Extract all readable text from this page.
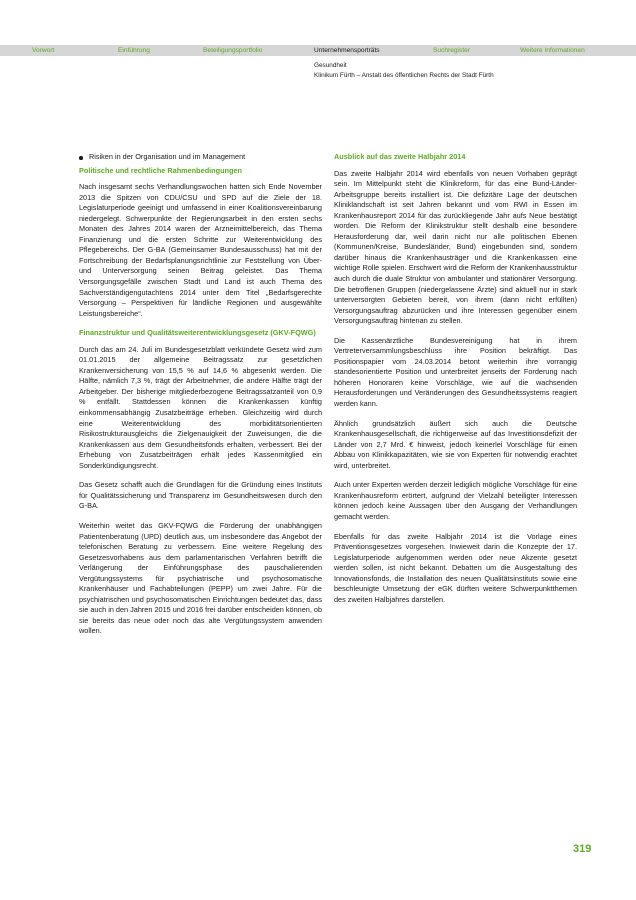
Vorwort	Einführung	Beteiligungsportfolio	Unternehmensporträts	Suchregister	Weitere Informationen
Gesundheit
Klinikum Fürth – Anstalt des öffentlichen Rechts der Stadt Fürth
Risiken in der Organisation und im Management
Politische und rechtliche Rahmenbedingungen

Nach insgesamt sechs Verhandlungswochen hatten sich Ende November 2013 die Spitzen von CDU/CSU und SPD auf die Ziele der 18. Legislaturperiode geeinigt und umfassend in einer Koalitionsvereinbarung niedergelegt. Schwerpunkte der Regierungsarbeit in den ersten sechs Monaten des Jahres 2014 waren der Arzneimittelbereich, das Thema Finanzierung und die ersten Schritte zur Weiterentwicklung des Pflegebereichs. Der G-BA (Gemeinsamer Bundesausschuss) hat mit der Fortschreibung der Bedarfsplanungsrichtlinie zur Feststellung von Über- und Unterversorgung seinen Beitrag geleistet. Das Thema Versorgungsgefälle zwischen Stadt und Land ist auch Thema des Sachverständigengutachtens 2014 unter dem Titel „Bedarfsgerechte Versorgung – Perspektiven für ländliche Regionen und ausgewählte Leistungsbereiche“.

Finanzstruktur und Qualitätsweiterentwicklungsgesetz (GKV-FQWG)

Durch das am 24. Juli im Bundesgesetzblatt verkündete Gesetz wird zum 01.01.2015 der allgemeine Beitragssatz zur gesetzlichen Krankenversicherung von 15,5 % auf 14,6 % abgesenkt werden. Die Hälfte, nämlich 7,3 %, trägt der Arbeitnehmer, die andere Hälfte trägt der Arbeitgeber. Der bisherige mitgliederbezogene Beitragssatzanteil von 0,9 % entfällt. Stattdessen können die Krankenkassen künftig einkommensabhängig Zusatzbeiträge erheben. Gleichzeitig wird durch eine Weiterentwicklung des morbiditätsorientierten Risikostrukturausgleichs die Zielgenauigkeit der Zuweisungen, die die Krankenkassen aus dem Gesundheitsfonds erhalten, verbessert. Bei der Erhebung von Zusatzbeiträgen erhält jedes Kassenmitglied ein Sonderkündigungsrecht.

Das Gesetz schafft auch die Grundlagen für die Gründung eines Instituts für Qualitätssicherung und Transparenz im Gesundheitswesen durch den G-BA.

Weiterhin weitet das GKV-FQWG die Förderung der unabhängigen Patientenberatung (UPD) deutlich aus, um insbesondere das Angebot der telefonischen Beratung zu verbessern. Eine weitere Regelung des Gesetzesvorhabens aus dem parlamentarischen Verfahren betrifft die Verlängerung der Einführungsphase des pauschalierenden Vergütungssystems für psychiatrische und psychosomatische Krankenhäuser und Fachabteilungen (PEPP) um zwei Jahre. Für die psychiatrischen und psychosomatischen Einrichtungen bedeutet das, dass sie auch in den Jahren 2015 und 2016 frei darüber entscheiden können, ob sie bereits das neue oder noch das alte Vergütungssystem anwenden wollen.

Ausblick auf das zweite Halbjahr 2014

Das zweite Halbjahr 2014 wird ebenfalls von neuen Vorhaben geprägt sein. Im Mittelpunkt steht die Klinikreform, für das eine Bund-Länder-Arbeitsgruppe bereits installiert ist. Die defizitäre Lage der deutschen Kliniklandschaft ist seit Jahren bekannt und vom RWI in Essen im Krankenhausreport 2014 für das zurückliegende Jahr aufs Neue bestätigt worden. Die Reform der Klinikstruktur stellt deshalb eine besondere Herausforderung dar, weil darin nicht nur alle politischen Ebenen (Kommunen/Kreise, Bundesländer, Bund) eingebunden sind, sondern darüber hinaus die Krankenhausträger und die Krankenkassen eine wichtige Rolle spielen. Erschwert wird die Reform der Krankenhausstruktur auch durch die duale Struktur von ambulanter und stationärer Versorgung. Die betroffenen Gruppen (niedergelassene Ärzte) sind aktuell nur in stark unterversorgten Gebieten bereit, von ihrem (dann nicht erfüllten) Versorgungsauftrag abzurücken und ihre Interessen gegenüber einem Versorgungsauftrag hintenan zu stellen.

Die Kassenärztliche Bundesvereinigung hat in ihrem Vertreterversammlungsbeschluss ihre Position bekräftigt. Das Positionspapier vom 24.03.2014 betont weiterhin ihre vorrangig standesorientierte Position und unterbreitet jenseits der Forderung nach höheren Honoraren keine Vorschläge, wie auf die wachsenden Herausforderungen und Veränderungen des Gesundheitssystems reagiert werden kann.

Ähnlich grundsätzlich äußert sich auch die Deutsche Krankenhausgesellschaft, die richtigerweise auf das Investitionsdefizit der Länder von 2,7 Mrd. € hinweist, jedoch keinerlei Vorschläge für einen Abbau von Klinikkapazitäten, wie sie von Experten für notwendig erachtet wird, unterbreitet.

Auch unter Experten werden derzeit lediglich mögliche Vorschläge für eine Krankenhausreform erörtert, aufgrund der Vielzahl beteiligter Interessen können jedoch keine Aussagen über den Ausgang der Verhandlungen gemacht werden.

Ebenfalls für das zweite Halbjahr 2014 ist die Vorlage eines Präventionsgesetzes vorgesehen. Inwieweit darin die Konzepte der 17. Legislaturperiode aufgenommen werden oder neue Akzente gesetzt werden sollen, ist nicht bekannt. Debatten um die Ausgestaltung des Innovationsfonds, die Installation des neuen Qualitätsinstituts sowie eine beschleunigte Umsetzung der eGK dürften weitere Schwerpunktthemen des zweiten Halbjahres darstellen.

319
